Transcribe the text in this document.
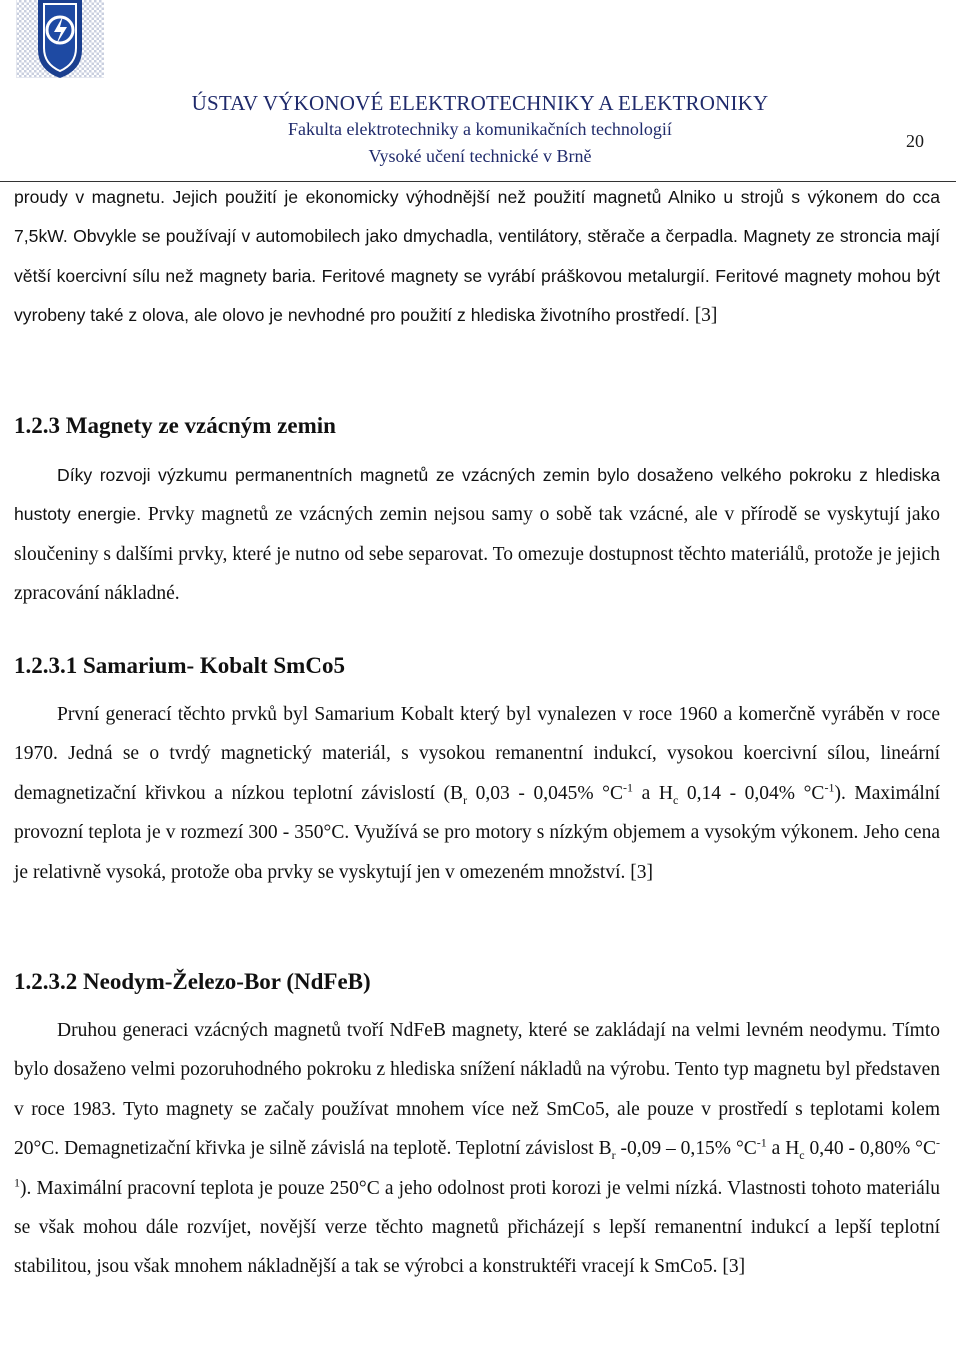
ÚSTAV VÝKONOVÉ ELEKTROTECHNIKY A ELEKTRONIKY
Fakulta elektrotechniky a komunikačních technologií
Vysoké učení technické v Brně
20

proudy v magnetu. Jejich použití je ekonomicky výhodnější než použití magnetů Alniko u strojů s výkonem do cca 7,5kW. Obvykle se používají v automobilech jako dmychadla, ventilátory, stěrače a čerpadla. Magnety ze stroncia mají větší koercivní sílu než magnety baria. Feritové magnety se vyrábí práškovou metalurgií. Feritové magnety mohou být vyrobeny také z olova, ale olovo je nevhodné pro použití z hlediska životního prostředí. [3]

1.2.3 Magnety ze vzácným zemin

Díky rozvoji výzkumu permanentních magnetů ze vzácných zemin bylo dosaženo velkého pokroku z hlediska hustoty energie. Prvky magnetů ze vzácných zemin nejsou samy o sobě tak vzácné, ale v přírodě se vyskytují jako sloučeniny s dalšími prvky, které je nutno od sebe separovat. To omezuje dostupnost těchto materiálů, protože je jejich zpracování nákladné.

1.2.3.1 Samarium- Kobalt SmCo5

První generací těchto prvků byl Samarium Kobalt který byl vynalezen v roce 1960 a komerčně vyráběn v roce 1970. Jedná se o tvrdý magnetický materiál, s vysokou remanentní indukcí, vysokou koercivní sílou, lineární demagnetizační křivkou a nízkou teplotní závislostí ($B_r$ 0,03 - 0,045% $^\circ C^{-1}$ a $H_c$ 0,14 - 0,04% $^\circ C^{-1}$). Maximální provozní teplota je v rozmezí 300 - 350°C. Využívá se pro motory s nízkým objemem a vysokým výkonem. Jeho cena je relativně vysoká, protože oba prvky se vyskytují jen v omezeném množství. [3]

1.2.3.2 Neodym-Železo-Bor (NdFeB)

Druhou generaci vzácných magnetů tvoří NdFeB magnety, které se zakládají na velmi levném neodymu. Tímto bylo dosaženo velmi pozoruhodného pokroku z hlediska snížení nákladů na výrobu. Tento typ magnetu byl představen v roce 1983. Tyto magnety se začaly používat mnohem více než SmCo5, ale pouze v prostředí s teplotami kolem 20°C. Demagnetizační křivka je silně závislá na teplotě. Teplotní závislost $B_r$ -0,09 – 0,15% $^\circ C^{-1}$ a $H_c$ 0,40 - 0,80% $^\circ C^{-1}$). Maximální pracovní teplota je pouze 250°C a jeho odolnost proti korozi je velmi nízká. Vlastnosti tohoto materiálu se však mohou dále rozvíjet, novější verze těchto magnetů přicházejí s lepší remanentní indukcí a lepší teplotní stabilitou, jsou však mnohem nákladnější a tak se výrobci a konstruktéři vracejí k SmCo5. [3]
